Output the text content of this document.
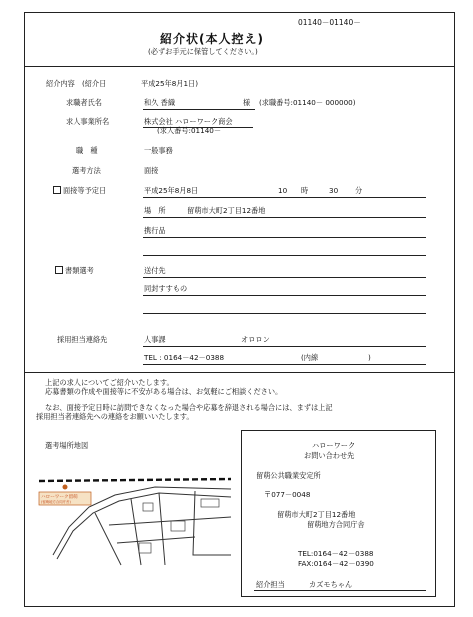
01140－01140－
紹介状(本人控え)
(必ずお手元に保管してください。)
紹介内容　(紹介日	平成25年8月1日)
求職者氏名	和久 香織	様 (求職番号:01140－ 000000)
求人事業所名	株式会社 ハローワーク商会
(求人番号:01140－
職　種	一般事務
選考方法	面接
面接等予定日	平成25年8月8日	10 時	30 分
場　所	留萌市大町2丁目12番地
携行品
書類選考	送付先
同封すすもの
採用担当連絡先	人事課	オロロン
TEL : 0164－42－0388	(内線	)
上記の求人についてご紹介いたします。
応募書類の作成や面接等に不安がある場合は、お気軽にご相談ください。
なお、面接予定日時に訪問できなくなった場合や応募を辞退される場合には、まずは上記
採用担当者連絡先への連絡をお願いいたします。
選考場所地図
ハローワーク留萌
(留萌地方合同庁舎)
ハローワーク
お問い合わせ先
留萌公共職業安定所
〒077－0048
留萌市大町2丁目12番地
留萌地方合同庁舎
TEL:0164－42－0388
FAX:0164－42－0390
紹介担当	カズモちゃん
